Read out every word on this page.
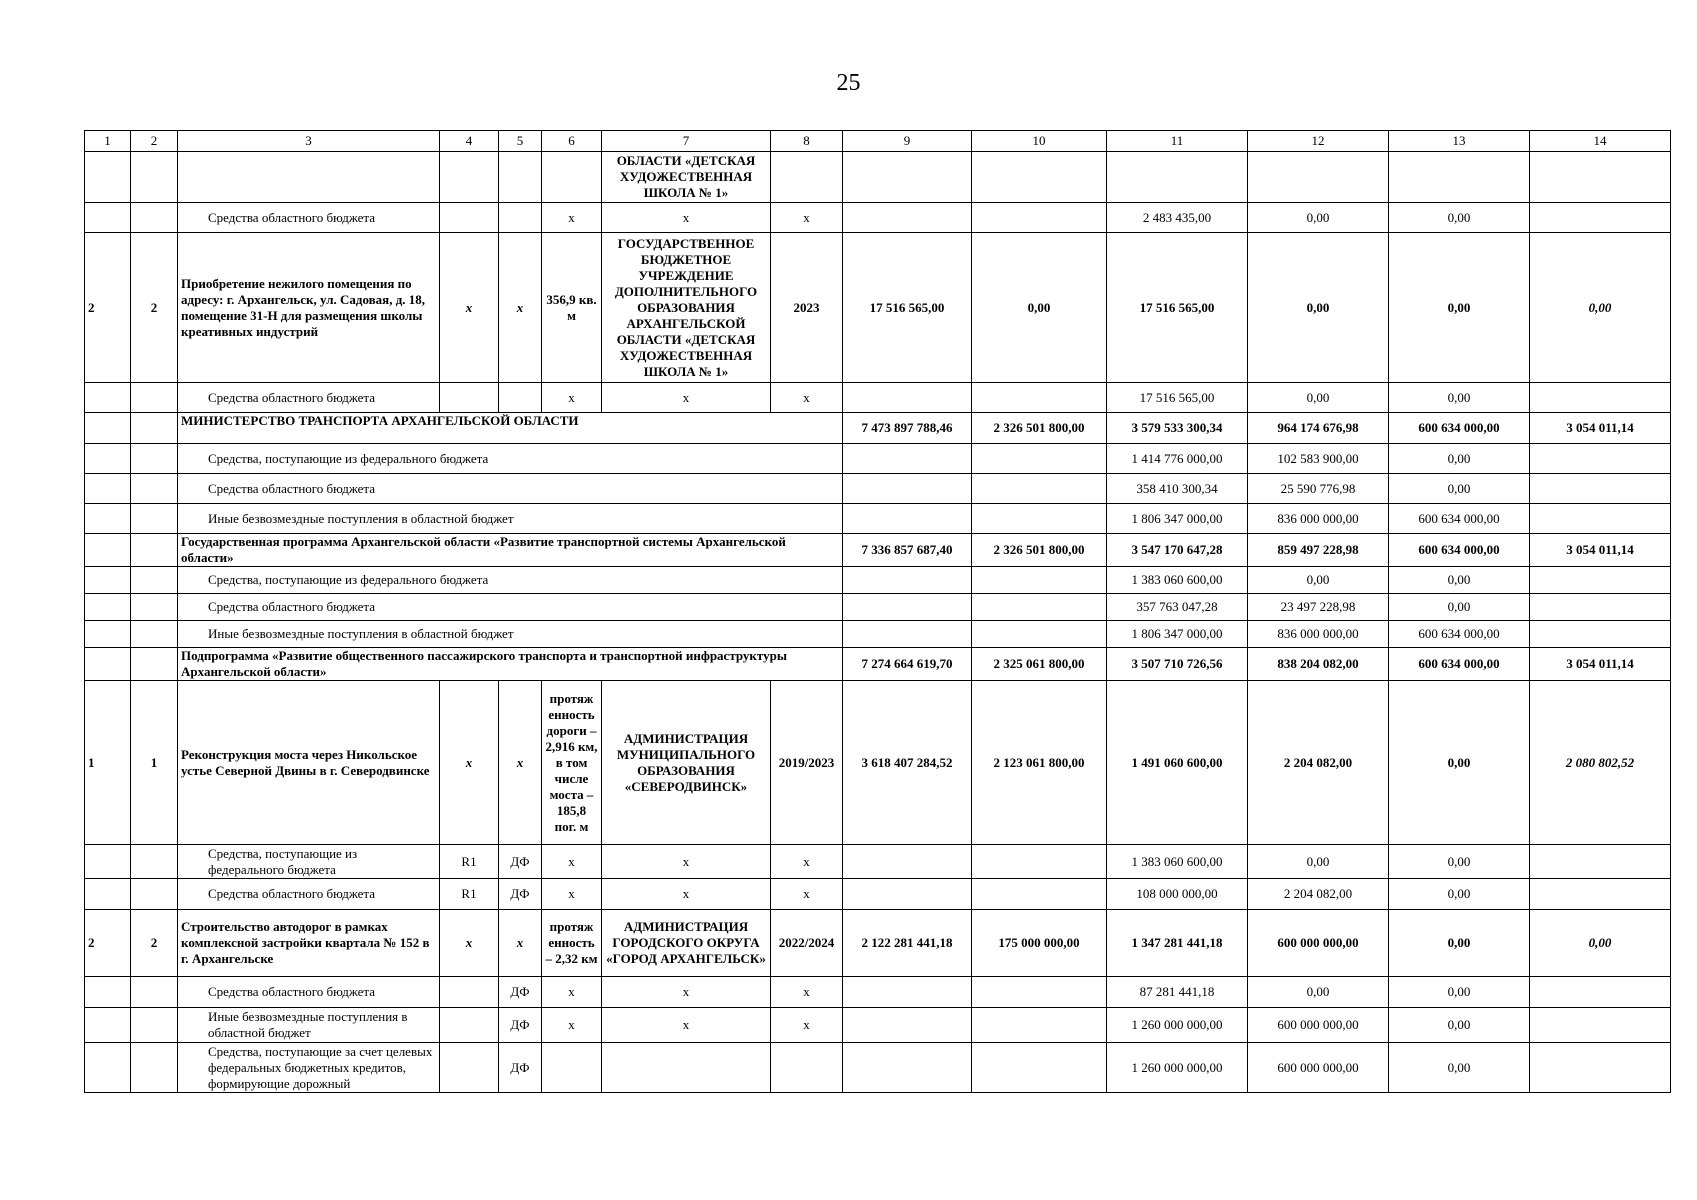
25
1	2	3	4	5	6	7	8	9	10	11	12	13	14
						ОБЛАСТИ «ДЕТСКАЯ ХУДОЖЕСТВЕННАЯ ШКОЛА № 1»							
		Средства областного бюджета			х	х	х			2 483 435,00	0,00	0,00	
2	2	Приобретение нежилого помещения по адресу: г. Архангельск, ул. Садовая, д. 18, помещение 31-Н для размещения школы креативных индустрий	х	х	356,9 кв. м	ГОСУДАРСТВЕННОЕ БЮДЖЕТНОЕ УЧРЕЖДЕНИЕ ДОПОЛНИТЕЛЬНОГО ОБРАЗОВАНИЯ АРХАНГЕЛЬСКОЙ ОБЛАСТИ «ДЕТСКАЯ ХУДОЖЕСТВЕННАЯ ШКОЛА № 1»	2023	17 516 565,00	0,00	17 516 565,00	0,00	0,00	0,00
		Средства областного бюджета			х	х	х			17 516 565,00	0,00	0,00	
		МИНИСТЕРСТВО ТРАНСПОРТА АРХАНГЕЛЬСКОЙ ОБЛАСТИ						7 473 897 788,46	2 326 501 800,00	3 579 533 300,34	964 174 676,98	600 634 000,00	3 054 011,14
		Средства, поступающие из федерального бюджета								1 414 776 000,00	102 583 900,00	0,00	
		Средства областного бюджета								358 410 300,34	25 590 776,98	0,00	
		Иные безвозмездные поступления в областной бюджет								1 806 347 000,00	836 000 000,00	600 634 000,00	
		Государственная программа Архангельской области «Развитие транспортной системы Архангельской области»						7 336 857 687,40	2 326 501 800,00	3 547 170 647,28	859 497 228,98	600 634 000,00	3 054 011,14
		Средства, поступающие из федерального бюджета								1 383 060 600,00	0,00	0,00	
		Средства областного бюджета								357 763 047,28	23 497 228,98	0,00	
		Иные безвозмездные поступления в областной бюджет								1 806 347 000,00	836 000 000,00	600 634 000,00	
		Подпрограмма «Развитие общественного пассажирского транспорта и транспортной инфраструктуры Архангельской области»						7 274 664 619,70	2 325 061 800,00	3 507 710 726,56	838 204 082,00	600 634 000,00	3 054 011,14
1	1	Реконструкция моста через Никольское устье Северной Двины в г. Северодвинске	х	х	протяж енность дороги – 2,916 км, в том числе моста – 185,8 пог. м	АДМИНИСТРАЦИЯ МУНИЦИПАЛЬНОГО ОБРАЗОВАНИЯ «СЕВЕРОДВИНСК»	2019/2023	3 618 407 284,52	2 123 061 800,00	1 491 060 600,00	2 204 082,00	0,00	2 080 802,52
		Средства, поступающие из федерального бюджета	R1	ДФ	х	х	х			1 383 060 600,00	0,00	0,00	
		Средства областного бюджета	R1	ДФ	х	х	х			108 000 000,00	2 204 082,00	0,00	
2	2	Строительство автодорог в рамках комплексной застройки квартала № 152 в г. Архангельске	х	х	протяж енность – 2,32 км	АДМИНИСТРАЦИЯ ГОРОДСКОГО ОКРУГА «ГОРОД АРХАНГЕЛЬСК»	2022/2024	2 122 281 441,18	175 000 000,00	1 347 281 441,18	600 000 000,00	0,00	0,00
		Средства областного бюджета		ДФ	х	х	х			87 281 441,18	0,00	0,00	
		Иные безвозмездные поступления в областной бюджет		ДФ	х	х	х			1 260 000 000,00	600 000 000,00	0,00	
		Средства, поступающие за счет целевых федеральных бюджетных кредитов, формирующие дорожный		ДФ						1 260 000 000,00	600 000 000,00	0,00	
